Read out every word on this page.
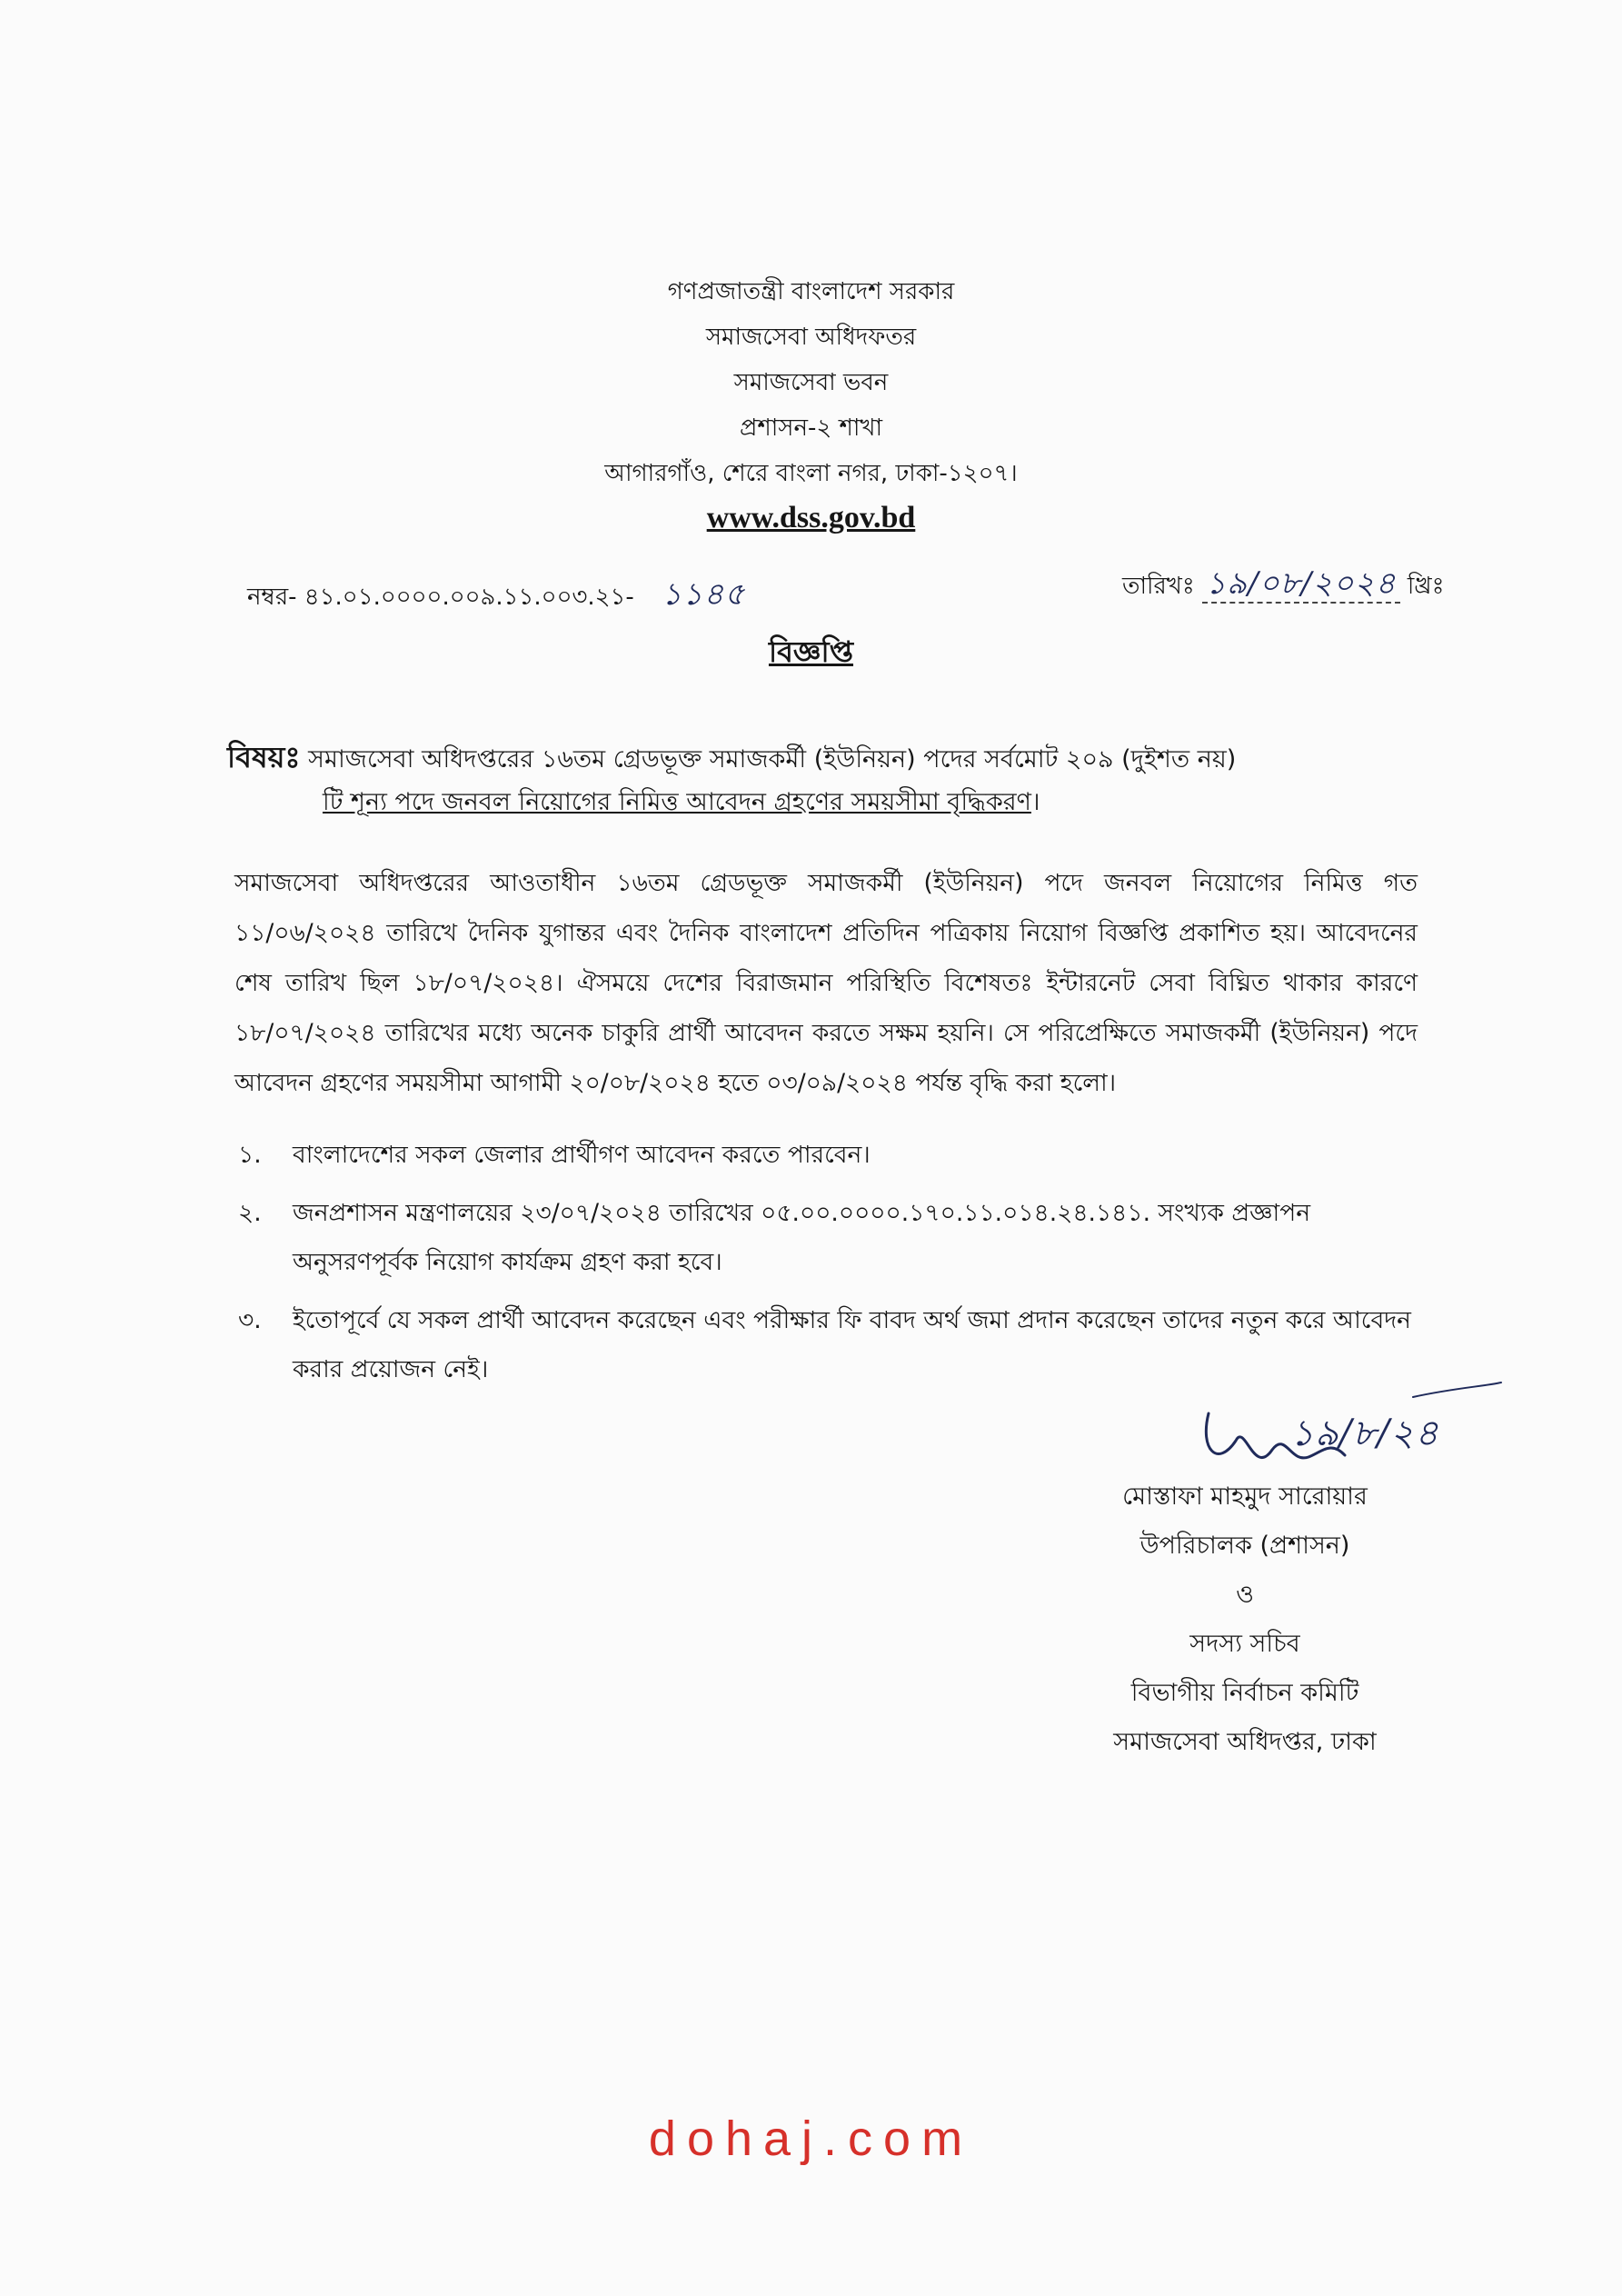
গণপ্রজাতন্ত্রী বাংলাদেশ সরকার
সমাজসেবা অধিদফতর
সমাজসেবা ভবন
প্রশাসন-২ শাখা
আগারগাঁও, শেরে বাংলা নগর, ঢাকা-১২০৭।
www.dss.gov.bd
নম্বর- ৪১.০১.০০০০.০০৯.১১.০০৩.২১- ১১৪৫	তারিখঃ ১৯/০৮/২০২৪ খ্রিঃ
বিজ্ঞপ্তি
বিষয়ঃ সমাজসেবা অধিদপ্তরের ১৬তম গ্রেডভূক্ত সমাজকর্মী (ইউনিয়ন) পদের সর্বমোট ২০৯ (দুইশত নয়)
টি শূন্য পদে জনবল নিয়োগের নিমিত্ত আবেদন গ্রহণের সময়সীমা বৃদ্ধিকরণ।
সমাজসেবা অধিদপ্তরের আওতাধীন ১৬তম গ্রেডভূক্ত সমাজকর্মী (ইউনিয়ন) পদে জনবল নিয়োগের নিমিত্ত গত ১১/০৬/২০২৪ তারিখে দৈনিক যুগান্তর এবং দৈনিক বাংলাদেশ প্রতিদিন পত্রিকায় নিয়োগ বিজ্ঞপ্তি প্রকাশিত হয়। আবেদনের শেষ তারিখ ছিল ১৮/০৭/২০২৪। ঐসময়ে দেশের বিরাজমান পরিস্থিতি বিশেষতঃ ইন্টারনেট সেবা বিঘ্নিত থাকার কারণে ১৮/০৭/২০২৪ তারিখের মধ্যে অনেক চাকুরি প্রার্থী আবেদন করতে সক্ষম হয়নি। সে পরিপ্রেক্ষিতে সমাজকর্মী (ইউনিয়ন) পদে আবেদন গ্রহণের সময়সীমা আগামী ২০/০৮/২০২৪ হতে ০৩/০৯/২০২৪ পর্যন্ত বৃদ্ধি করা হলো।
১.	বাংলাদেশের সকল জেলার প্রার্থীগণ আবেদন করতে পারবেন।
২.	জনপ্রশাসন মন্ত্রণালয়ের ২৩/০৭/২০২৪ তারিখের ০৫.০০.০০০০.১৭০.১১.০১৪.২৪.১৪১. সংখ্যক প্রজ্ঞাপন অনুসরণপূর্বক নিয়োগ কার্যক্রম গ্রহণ করা হবে।
৩.	ইতোপূর্বে যে সকল প্রার্থী আবেদন করেছেন এবং পরীক্ষার ফি বাবদ অর্থ জমা প্রদান করেছেন তাদের নতুন করে আবেদন করার প্রয়োজন নেই।
১৯/৮/২৪
মোস্তাফা মাহমুদ সারোয়ার
উপরিচালক (প্রশাসন)
ও
সদস্য সচিব
বিভাগীয় নির্বাচন কমিটি
সমাজসেবা অধিদপ্তর, ঢাকা
dohaj.com
